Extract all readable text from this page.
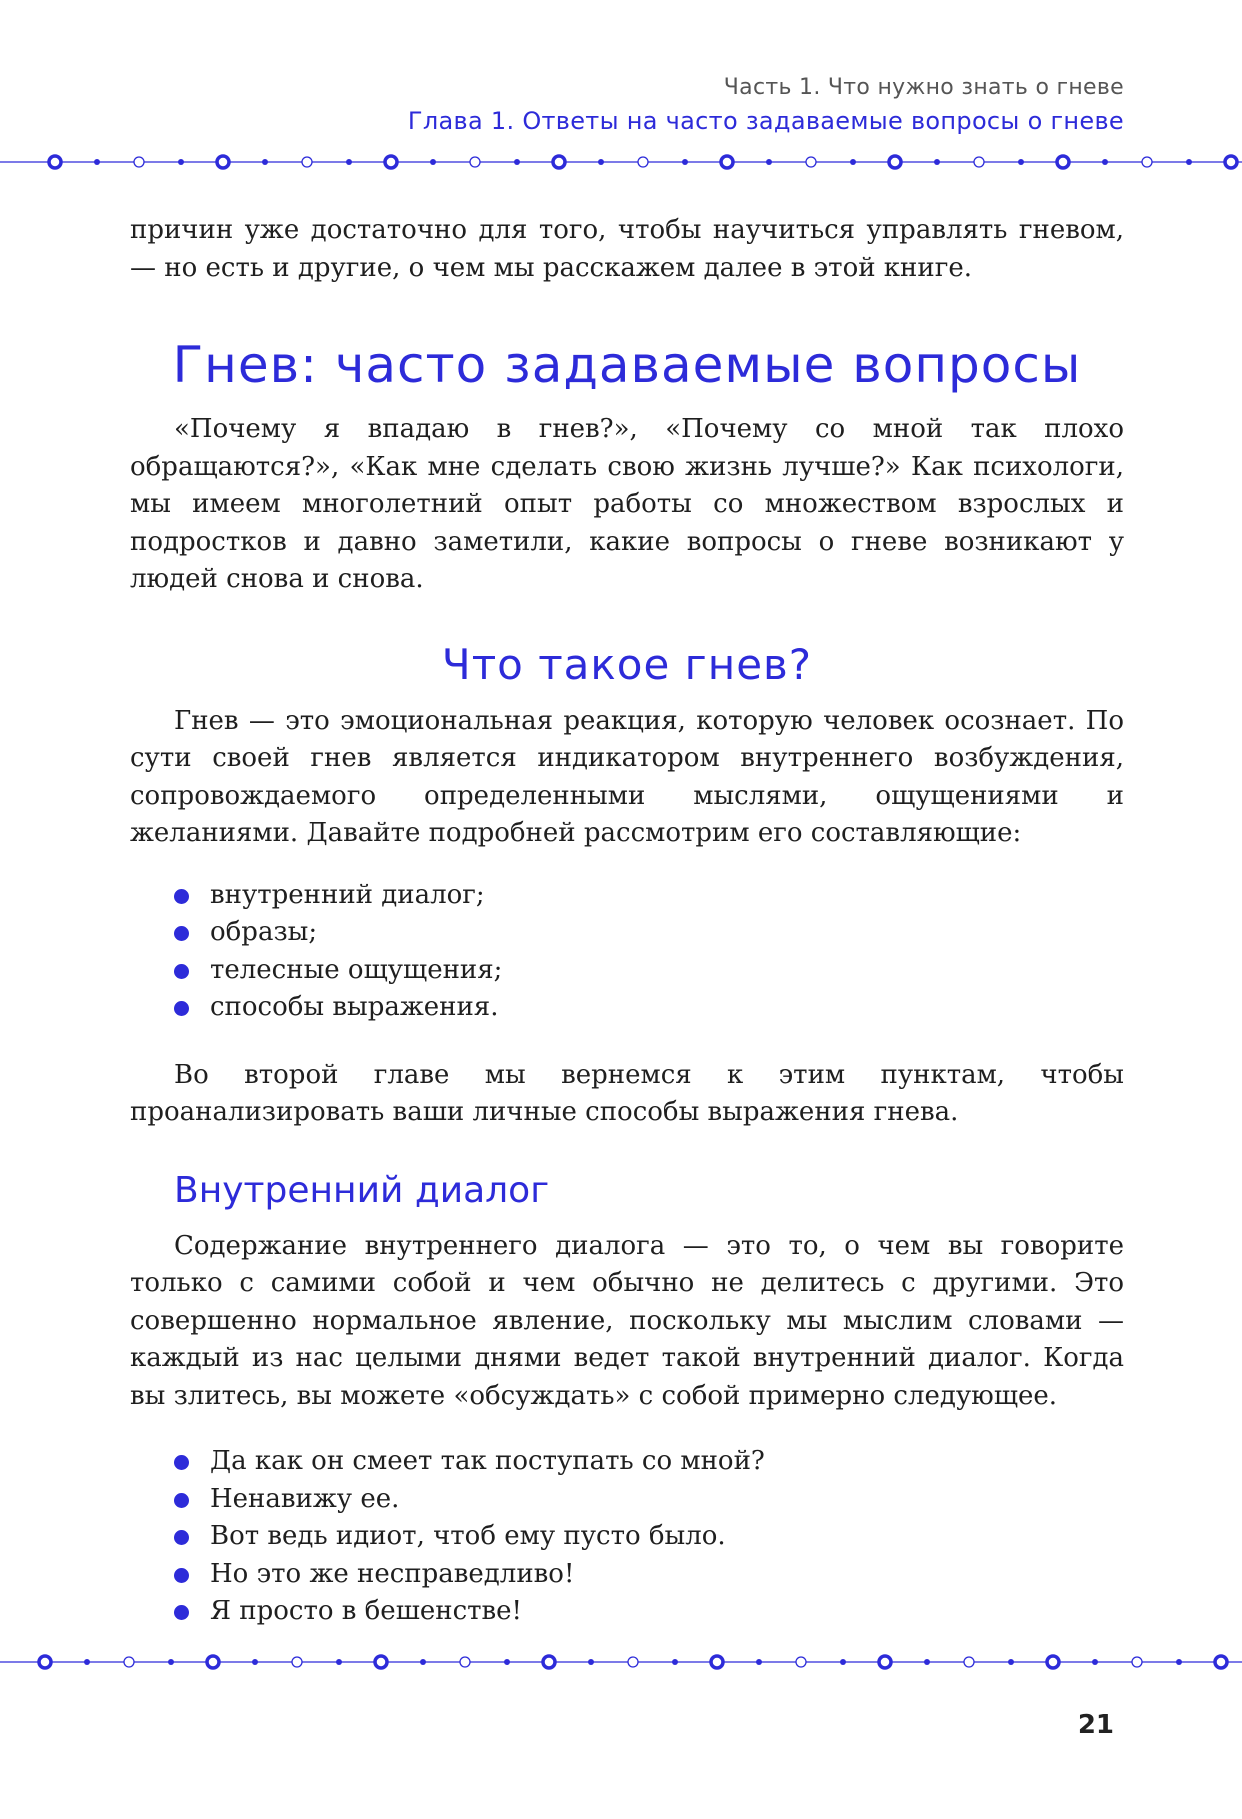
Часть 1. Что нужно знать о гневе
Глава 1. Ответы на часто задаваемые вопросы о гневе

причин уже достаточно для того, чтобы научиться управлять гневом, — но есть и другие, о чем мы расскажем далее в этой книге.

Гнев: часто задаваемые вопросы

«Почему я впадаю в гнев?», «Почему со мной так плохо обращаются?», «Как мне сделать свою жизнь лучше?» Как психологи, мы имеем многолетний опыт работы со множеством взрослых и подростков и давно заметили, какие вопросы о гневе возникают у людей снова и снова.

Что такое гнев?

Гнев — это эмоциональная реакция, которую человек осознает. По сути своей гнев является индикатором внутреннего возбуждения, сопровождаемого определенными мыслями, ощущениями и желаниями. Давайте подробней рассмотрим его составляющие:

внутренний диалог;
образы;
телесные ощущения;
способы выражения.

Во второй главе мы вернемся к этим пунктам, чтобы проанализировать ваши личные способы выражения гнева.

Внутренний диалог

Содержание внутреннего диалога — это то, о чем вы говорите только с самими собой и чем обычно не делитесь с другими. Это совершенно нормальное явление, поскольку мы мыслим словами — каждый из нас целыми днями ведет такой внутренний диалог. Когда вы злитесь, вы можете «обсуждать» с собой примерно следующее.

Да как он смеет так поступать со мной?
Ненавижу ее.
Вот ведь идиот, чтоб ему пусто было.
Но это же несправедливо!
Я просто в бешенстве!
21
